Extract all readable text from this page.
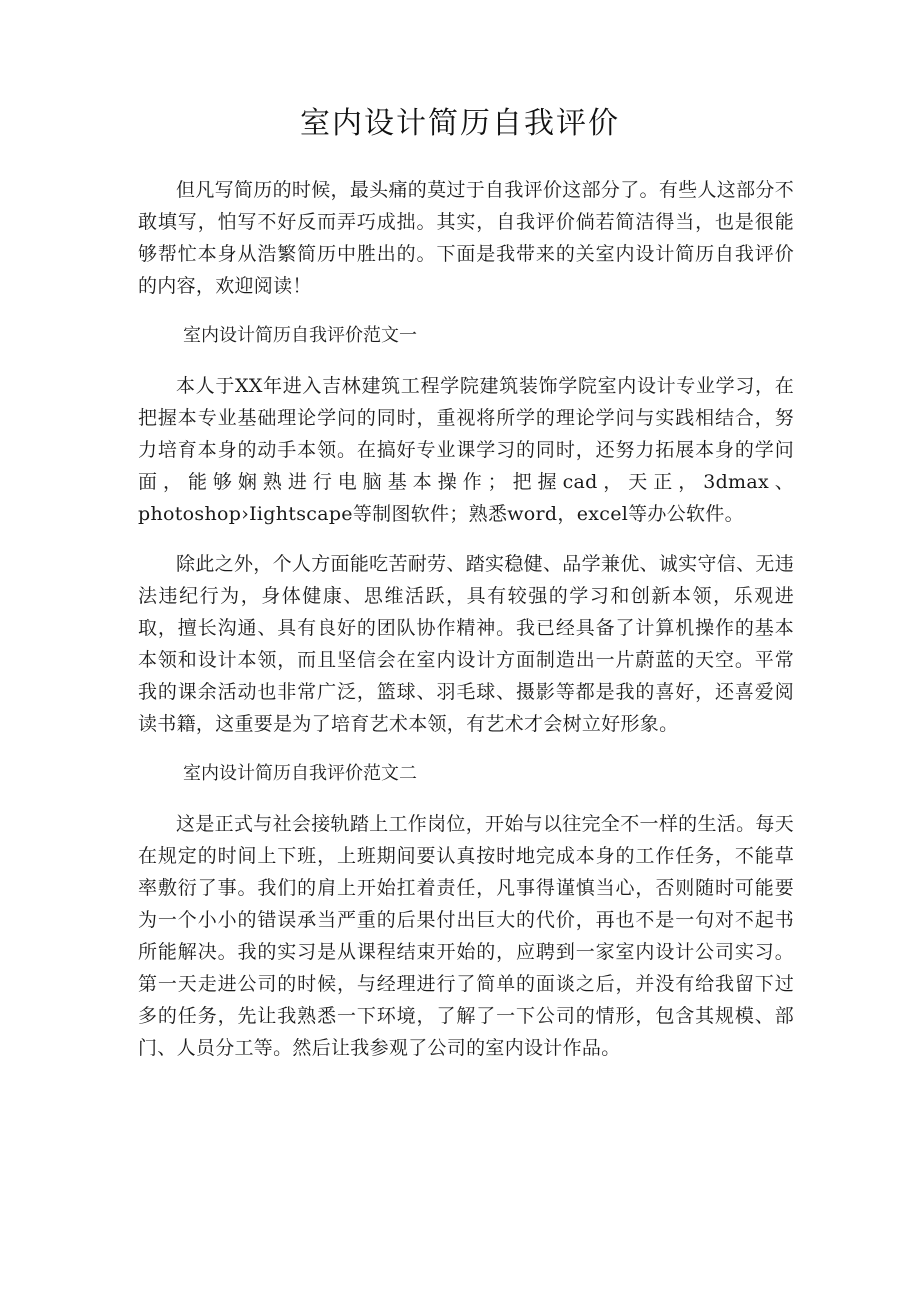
室内设计简历自我评价

但凡写简历的时候，最头痛的莫过于自我评价这部分了。有些人这部分不敢填写，怕写不好反而弄巧成拙。其实，自我评价倘若简洁得当，也是很能够帮忙本身从浩繁简历中胜出的。下面是我带来的关室内设计简历自我评价的内容，欢迎阅读！

室内设计简历自我评价范文一

本人于XX年进入吉林建筑工程学院建筑装饰学院室内设计专业学习，在把握本专业基础理论学问的同时，重视将所学的理论学问与实践相结合，努力培育本身的动手本领。在搞好专业课学习的同时，还努力拓展本身的学问面，能够娴熟进行电脑基本操作；把握cad，天正，3dmax、photoshop›Iightscape等制图软件；熟悉word，excel等办公软件。

除此之外，个人方面能吃苦耐劳、踏实稳健、品学兼优、诚实守信、无违法违纪行为，身体健康、思维活跃，具有较强的学习和创新本领，乐观进取，擅长沟通、具有良好的团队协作精神。我已经具备了计算机操作的基本本领和设计本领，而且坚信会在室内设计方面制造出一片蔚蓝的天空。平常我的课余活动也非常广泛，篮球、羽毛球、摄影等都是我的喜好，还喜爱阅读书籍，这重要是为了培育艺术本领，有艺术才会树立好形象。

室内设计简历自我评价范文二

这是正式与社会接轨踏上工作岗位，开始与以往完全不一样的生活。每天在规定的时间上下班，上班期间要认真按时地完成本身的工作任务，不能草率敷衍了事。我们的肩上开始扛着责任，凡事得谨慎当心，否则随时可能要为一个小小的错误承当严重的后果付出巨大的代价，再也不是一句对不起书所能解决。我的实习是从课程结束开始的，应聘到一家室内设计公司实习。第一天走进公司的时候，与经理进行了简单的面谈之后，并没有给我留下过多的任务，先让我熟悉一下环境，了解了一下公司的情形，包含其规模、部门、人员分工等。然后让我参观了公司的室内设计作品。
